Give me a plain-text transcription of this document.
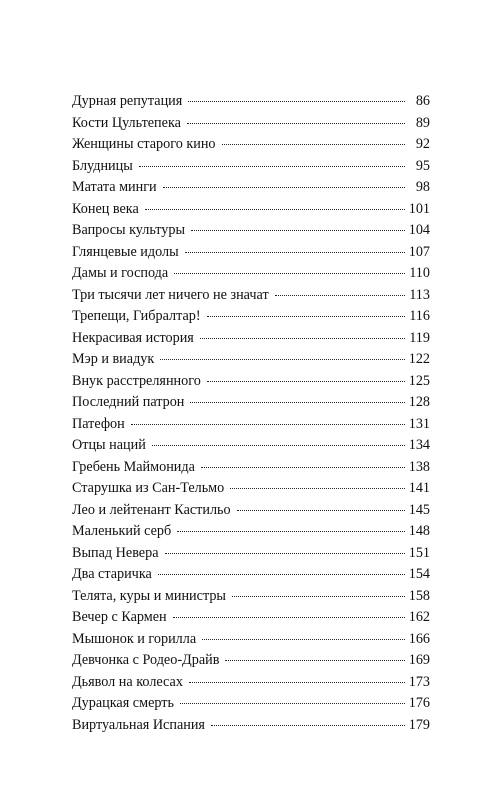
Дурная репутация	86
Кости Цультепека	89
Женщины старого кино	92
Блудницы	95
Матата минги	98
Конец века	101
Вапросы культуры	104
Глянцевые идолы	107
Дамы и господа	110
Три тысячи лет ничего не значат	113
Трепещи, Гибралтар!	116
Некрасивая история	119
Мэр и виадук	122
Внук расстрелянного	125
Последний патрон	128
Патефон	131
Отцы наций	134
Гребень Маймонида	138
Старушка из Сан-Тельмо	141
Лео и лейтенант Кастильо	145
Маленький серб	148
Выпад Невера	151
Два старичка	154
Телята, куры и министры	158
Вечер с Кармен	162
Мышонок и горилла	166
Девчонка с Родео-Драйв	169
Дьявол на колесах	173
Дурацкая смерть	176
Виртуальная Испания	179
